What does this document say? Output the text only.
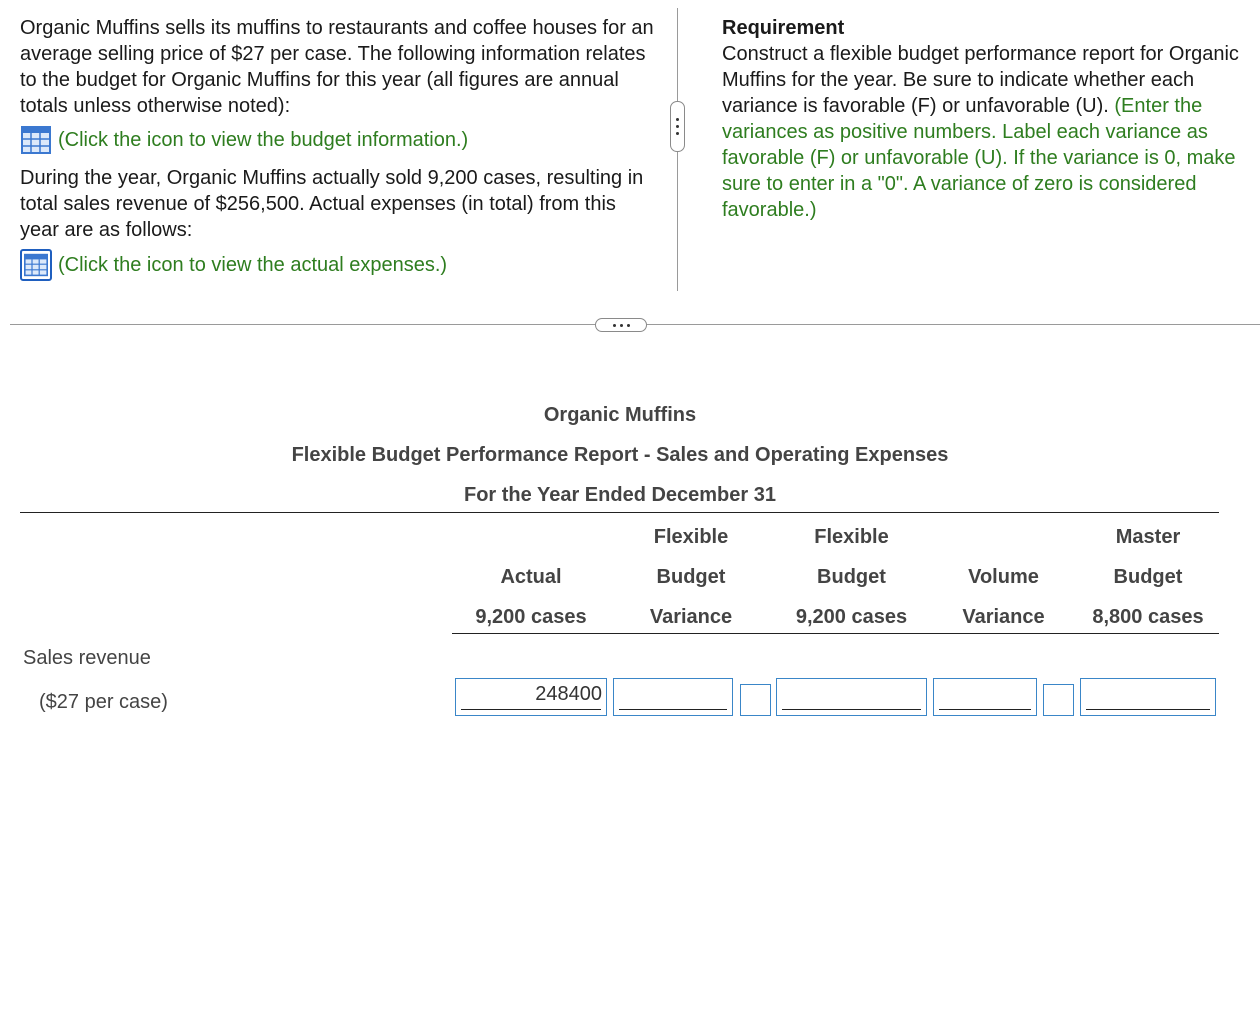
Organic Muffins sells its muffins to restaurants and coffee houses for an average selling price of $27 per case. The following information relates to the budget for Organic Muffins for this year (all figures are annual totals unless otherwise noted):

(Click the icon to view the budget information.)

During the year, Organic Muffins actually sold 9,200 cases, resulting in total sales revenue of $256,500. Actual expenses (in total) from this year are as follows:

(Click the icon to view the actual expenses.)
Requirement
Construct a flexible budget performance report for Organic Muffins for the year. Be sure to indicate whether each variance is favorable (F) or unfavorable (U). (Enter the variances as positive numbers. Label each variance as favorable (F) or unfavorable (U). If the variance is 0, make sure to enter in a "0". A variance of zero is considered favorable.)
Organic Muffins
Flexible Budget Performance Report - Sales and Operating Expenses
For the Year Ended December 31

Actual
9,200 cases
Flexible
Budget
Variance
Flexible
Budget
9,200 cases

Volume
Variance
Master
Budget
8,800 cases
Sales revenue
($27 per case)	248400
